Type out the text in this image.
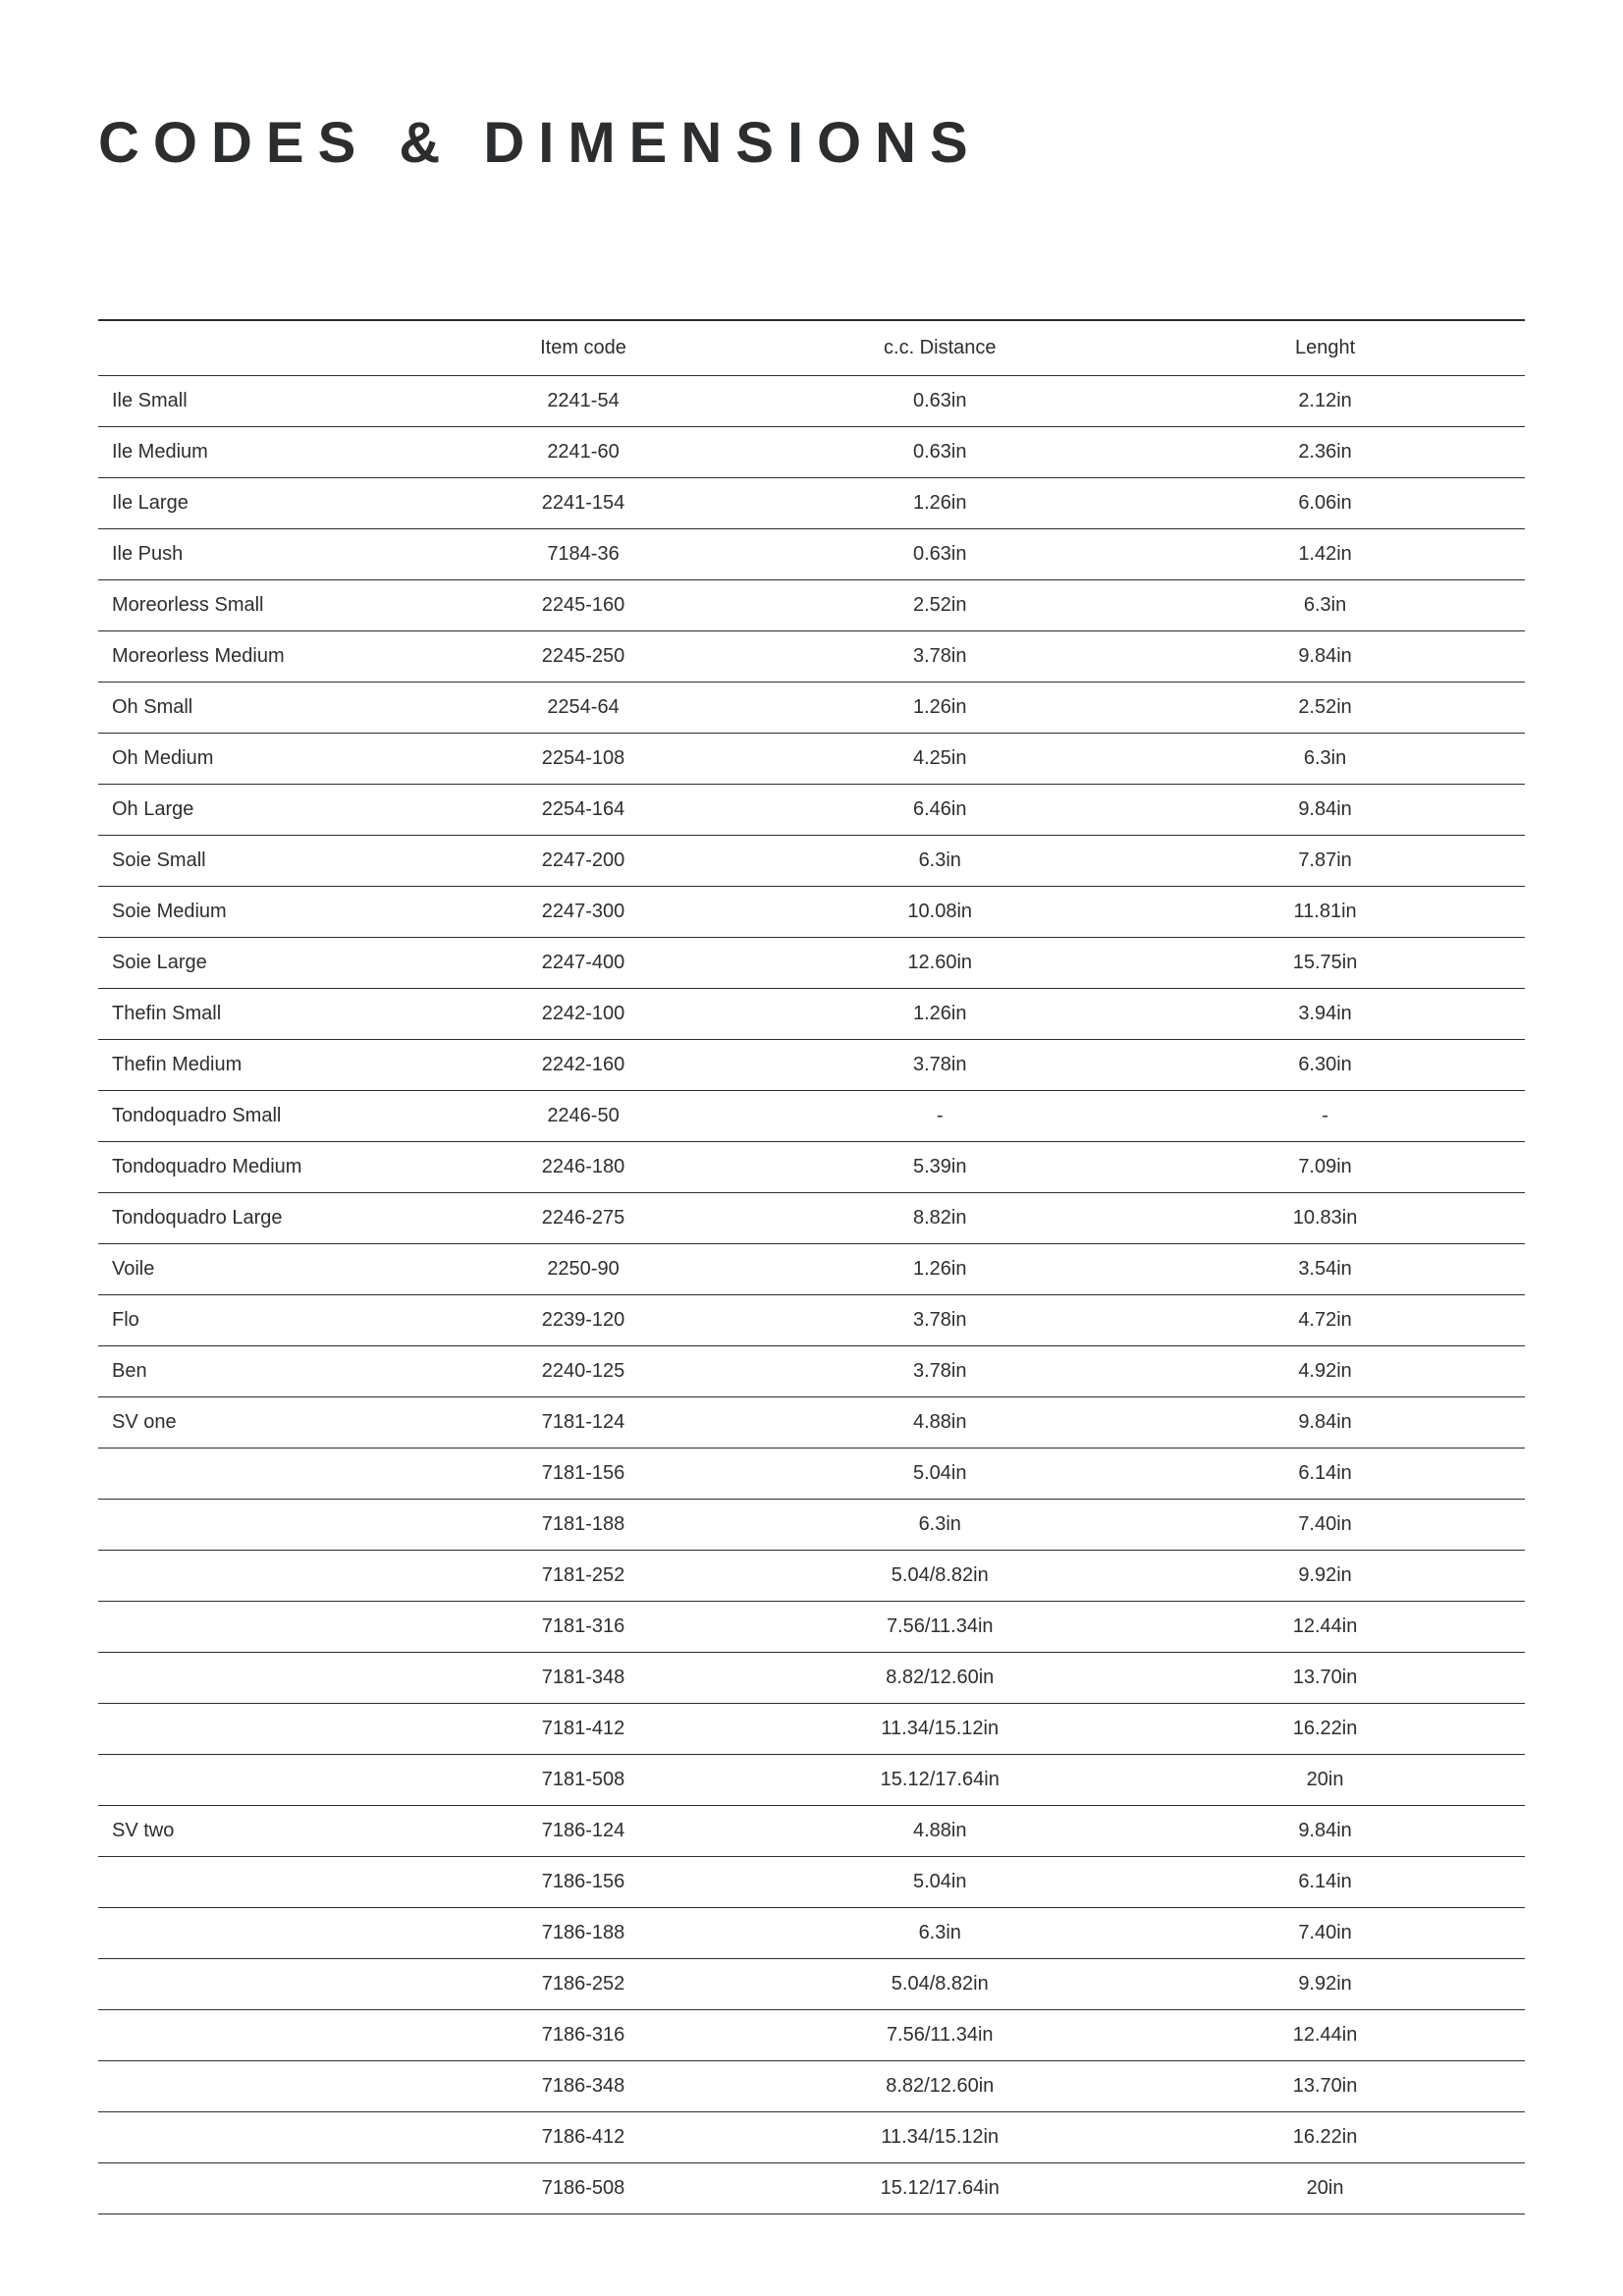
CODES & DIMENSIONS
	Item code	c.c. Distance	Lenght
Ile Small	2241-54	0.63in	2.12in
Ile Medium	2241-60	0.63in	2.36in
Ile Large	2241-154	1.26in	6.06in
Ile Push	7184-36	0.63in	1.42in
Moreorless Small	2245-160	2.52in	6.3in
Moreorless Medium	2245-250	3.78in	9.84in
Oh Small	2254-64	1.26in	2.52in
Oh Medium	2254-108	4.25in	6.3in
Oh Large	2254-164	6.46in	9.84in
Soie Small	2247-200	6.3in	7.87in
Soie Medium	2247-300	10.08in	11.81in
Soie Large	2247-400	12.60in	15.75in
Thefin Small	2242-100	1.26in	3.94in
Thefin Medium	2242-160	3.78in	6.30in
Tondoquadro Small	2246-50	-	-
Tondoquadro Medium	2246-180	5.39in	7.09in
Tondoquadro Large	2246-275	8.82in	10.83in
Voile	2250-90	1.26in	3.54in
Flo	2239-120	3.78in	4.72in
Ben	2240-125	3.78in	4.92in
SV one	7181-124	4.88in	9.84in
	7181-156	5.04in	6.14in
	7181-188	6.3in	7.40in
	7181-252	5.04/8.82in	9.92in
	7181-316	7.56/11.34in	12.44in
	7181-348	8.82/12.60in	13.70in
	7181-412	11.34/15.12in	16.22in
	7181-508	15.12/17.64in	20in
SV two	7186-124	4.88in	9.84in
	7186-156	5.04in	6.14in
	7186-188	6.3in	7.40in
	7186-252	5.04/8.82in	9.92in
	7186-316	7.56/11.34in	12.44in
	7186-348	8.82/12.60in	13.70in
	7186-412	11.34/15.12in	16.22in
	7186-508	15.12/17.64in	20in
